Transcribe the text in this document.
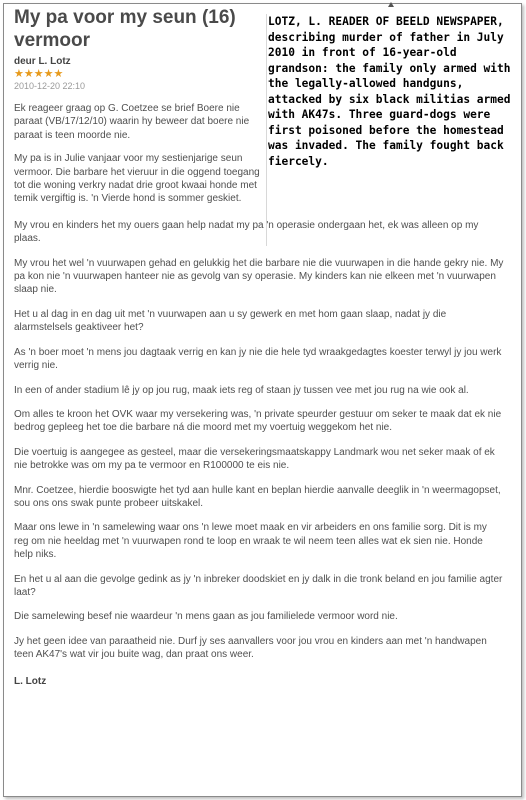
My pa voor my seun (16) vermoor
deur L. Lotz
★★★★★
2010-12-20 22:10

Ek reageer graag op G. Coetzee se brief Boere nie paraat (VB/17/12/10) waarin hy beweer dat boere nie paraat is teen moorde nie.

My pa is in Julie vanjaar voor my sestienjarige seun vermoor. Die barbare het vieruur in die oggend toegang tot die woning verkry nadat drie groot kwaai honde met temik vergiftig is. 'n Vierde hond is sommer geskiet.

My vrou en kinders het my ouers gaan help nadat my pa 'n operasie ondergaan het, ek was alleen op my plaas.

My vrou het wel 'n vuurwapen gehad en gelukkig het die barbare nie die vuurwapen in die hande gekry nie. My pa kon nie 'n vuurwapen hanteer nie as gevolg van sy operasie. My kinders kan nie elkeen met 'n vuurwapen slaap nie.

Het u al dag in en dag uit met 'n vuurwapen aan u sy gewerk en met hom gaan slaap, nadat jy die alarmstelsels geaktiveer het?

As 'n boer moet 'n mens jou dagtaak verrig en kan jy nie die hele tyd wraakgedagtes koester terwyl jy jou werk verrig nie.

In een of ander stadium lê jy op jou rug, maak iets reg of staan jy tussen vee met jou rug na wie ook al.

Om alles te kroon het OVK waar my versekering was, 'n private speurder gestuur om seker te maak dat ek nie bedrog gepleeg het toe die barbare ná die moord met my voertuig weggekom het nie.

Die voertuig is aangegee as gesteel, maar die versekeringsmaatskappy Landmark wou net seker maak of ek nie betrokke was om my pa te vermoor en R100000 te eis nie.

Mnr. Coetzee, hierdie booswigte het tyd aan hulle kant en beplan hierdie aanvalle deeglik in 'n weermagopset, sou ons ons swak punte probeer uitskakel.

Maar ons lewe in 'n samelewing waar ons 'n lewe moet maak en vir arbeiders en ons familie sorg. Dit is my reg om nie heeldag met 'n vuurwapen rond te loop en wraak te wil neem teen alles wat ek sien nie. Honde help niks.

En het u al aan die gevolge gedink as jy 'n inbreker doodskiet en jy dalk in die tronk beland en jou familie agter laat?

Die samelewing besef nie waardeur 'n mens gaan as jou familielede vermoor word nie.

Jy het geen idee van paraatheid nie. Durf jy ses aanvallers voor jou vrou en kinders aan met 'n handwapen teen AK47's wat vir jou buite wag, dan praat ons weer.

L. Lotz
LOTZ, L. READER OF BEELD NEWSPAPER, describing murder of father in July 2010 in front of 16-year-old grandson: the family only armed with the legally-allowed handguns, attacked by six black militias armed with AK47s. Three guard-dogs were first poisoned before the homestead was invaded. The family fought back fiercely.
